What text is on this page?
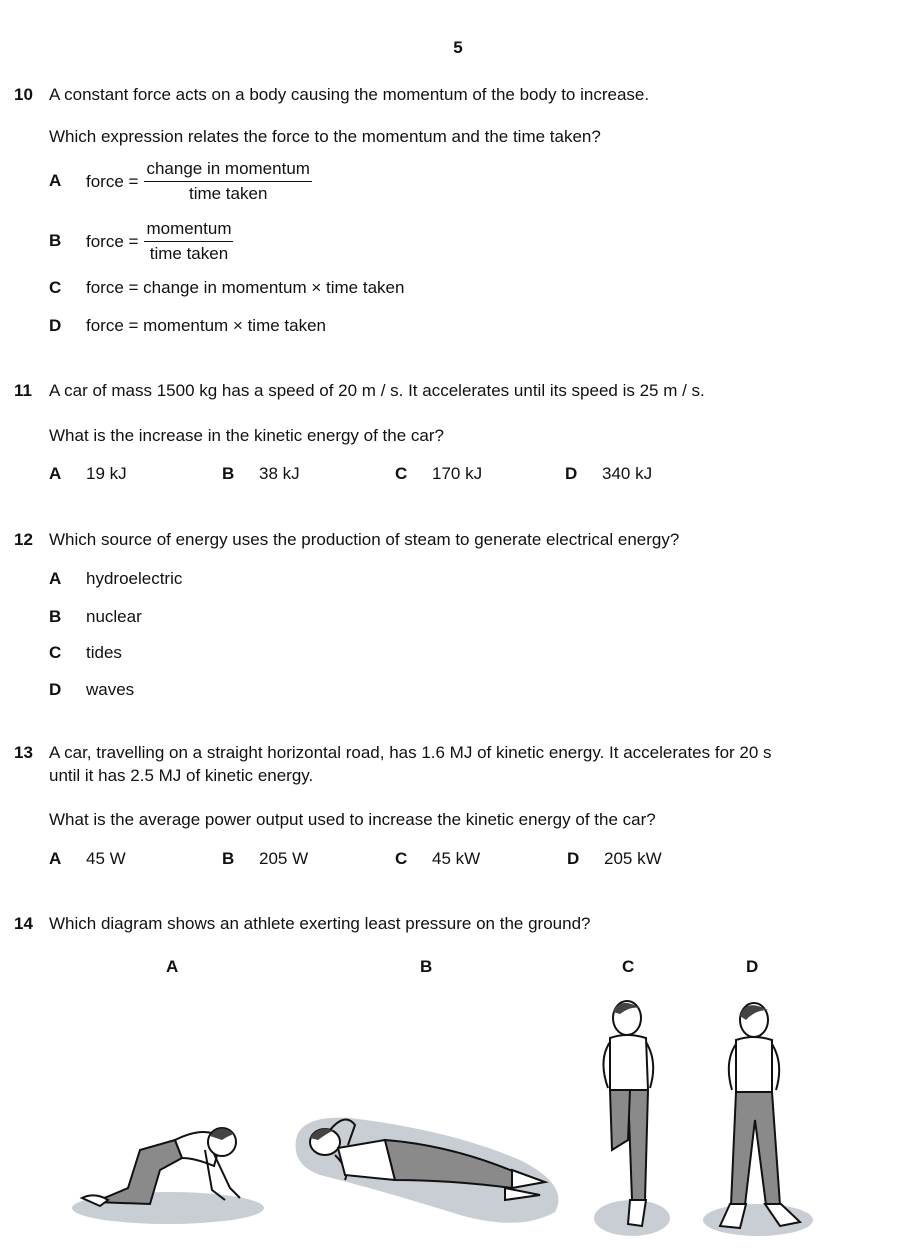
5
10 A constant force acts on a body causing the momentum of the body to increase.
Which expression relates the force to the momentum and the time taken?
A force = $\frac{\text{change in momentum}}{\text{time taken}}$
B force = $\frac{\text{momentum}}{\text{time taken}}$
C force = change in momentum × time taken
D force = momentum × time taken
11 A car of mass 1500 kg has a speed of 20 m / s. It accelerates until its speed is 25 m / s.
What is the increase in the kinetic energy of the car?
A 19 kJ	B 38 kJ	C 170 kJ	D 340 kJ
12 Which source of energy uses the production of steam to generate electrical energy?
A hydroelectric
B nuclear
C tides
D waves
13 A car, travelling on a straight horizontal road, has 1.6 MJ of kinetic energy. It accelerates for 20 s
until it has 2.5 MJ of kinetic energy.
What is the average power output used to increase the kinetic energy of the car?
A 45 W	B 205 W	C 45 kW	D 205 kW
14 Which diagram shows an athlete exerting least pressure on the ground?
A	B	C	D
